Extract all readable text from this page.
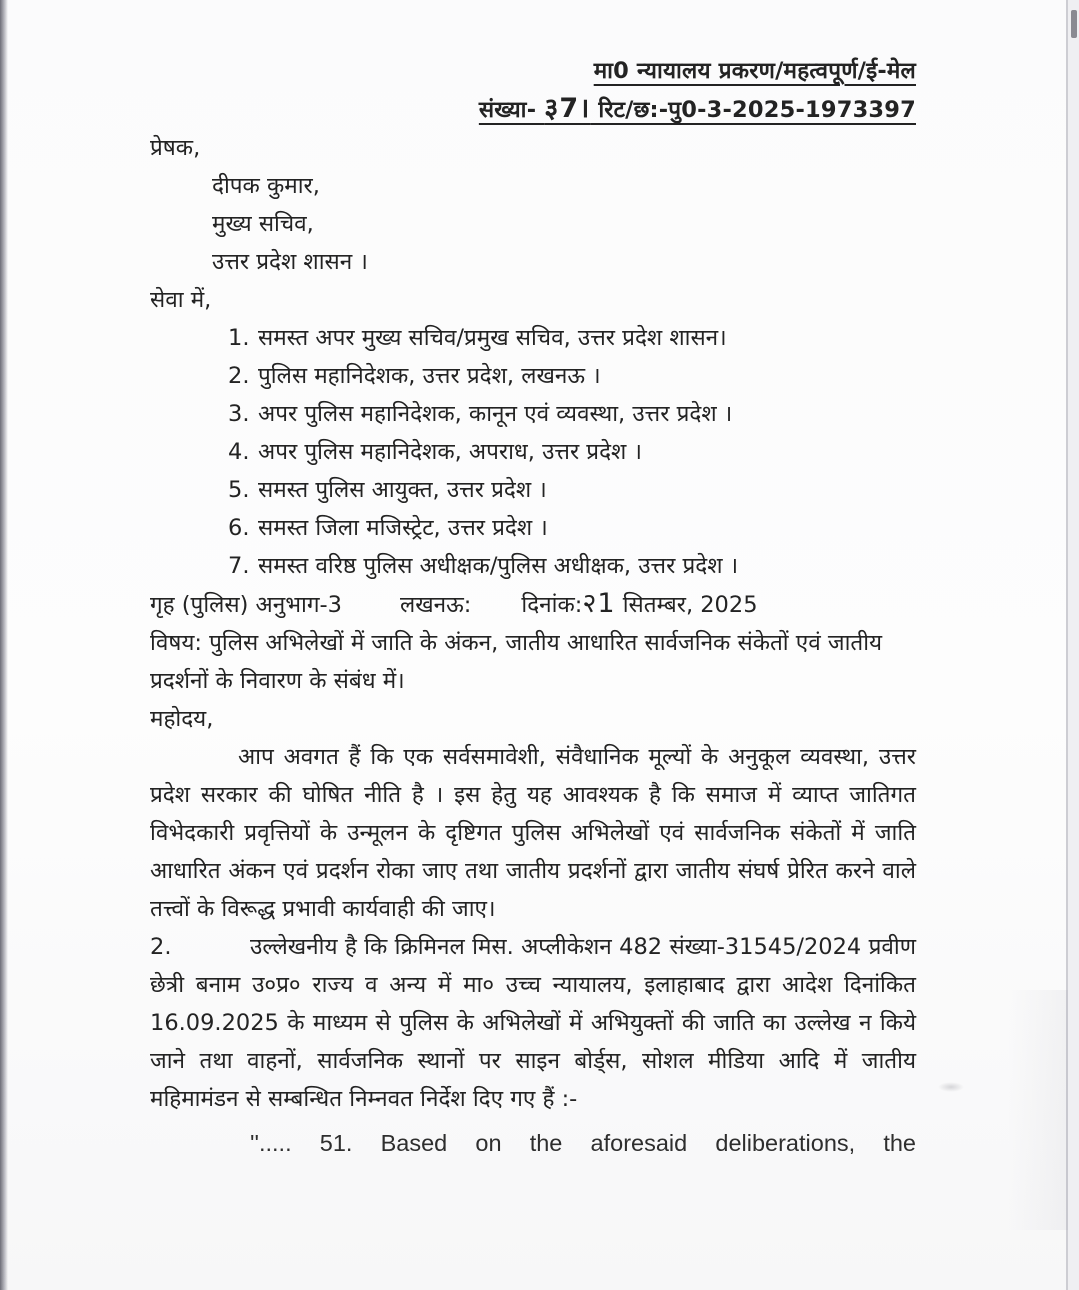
मा0 न्यायालय प्रकरण/महत्वपूर्ण/ई-मेल
संख्या- ३7। रिट/छ:-पु0-3-2025-1973397
प्रेषक,
दीपक कुमार,
मुख्य सचिव,
उत्तर प्रदेश शासन ।
सेवा में,
1. समस्त अपर मुख्य सचिव/प्रमुख सचिव, उत्तर प्रदेश शासन।
2. पुलिस महानिदेशक, उत्तर प्रदेश, लखनऊ ।
3. अपर पुलिस महानिदेशक, कानून एवं व्यवस्था, उत्तर प्रदेश ।
4. अपर पुलिस महानिदेशक, अपराध, उत्तर प्रदेश ।
5. समस्त पुलिस आयुक्त, उत्तर प्रदेश ।
6. समस्त जिला मजिस्ट्रेट, उत्तर प्रदेश ।
7. समस्त वरिष्ठ पुलिस अधीक्षक/पुलिस अधीक्षक, उत्तर प्रदेश ।
गृह (पुलिस) अनुभाग-3	लखनऊ: दिनांक:२1 सितम्बर, 2025
विषय: पुलिस अभिलेखों में जाति के अंकन, जातीय आधारित सार्वजनिक संकेतों एवं जातीय प्रदर्शनों के निवारण के संबंध में।
महोदय,

आप अवगत हैं कि एक सर्वसमावेशी, संवैधानिक मूल्यों के अनुकूल व्यवस्था, उत्तर प्रदेश सरकार की घोषित नीति है । इस हेतु यह आवश्यक है कि समाज में व्याप्त जातिगत विभेदकारी प्रवृत्तियों के उन्मूलन के दृष्टिगत पुलिस अभिलेखों एवं सार्वजनिक संकेतों में जाति आधारित अंकन एवं प्रदर्शन रोका जाए तथा जातीय प्रदर्शनों द्वारा जातीय संघर्ष प्रेरित करने वाले तत्त्वों के विरूद्ध प्रभावी कार्यवाही की जाए।

2.	उल्लेखनीय है कि क्रिमिनल मिस. अप्लीकेशन 482 संख्या-31545/2024 प्रवीण छेत्री बनाम उ०प्र० राज्य व अन्य में मा० उच्च न्यायालय, इलाहाबाद द्वारा आदेश दिनांकित 16.09.2025 के माध्यम से पुलिस के अभिलेखों में अभियुक्तों की जाति का उल्लेख न किये जाने तथा वाहनों, सार्वजनिक स्थानों पर साइन बोर्ड्स, सोशल मीडिया आदि में जातीय महिमामंडन से सम्बन्धित निम्नवत निर्देश दिए गए हैं :-

''..... 51. Based on the aforesaid deliberations, the
